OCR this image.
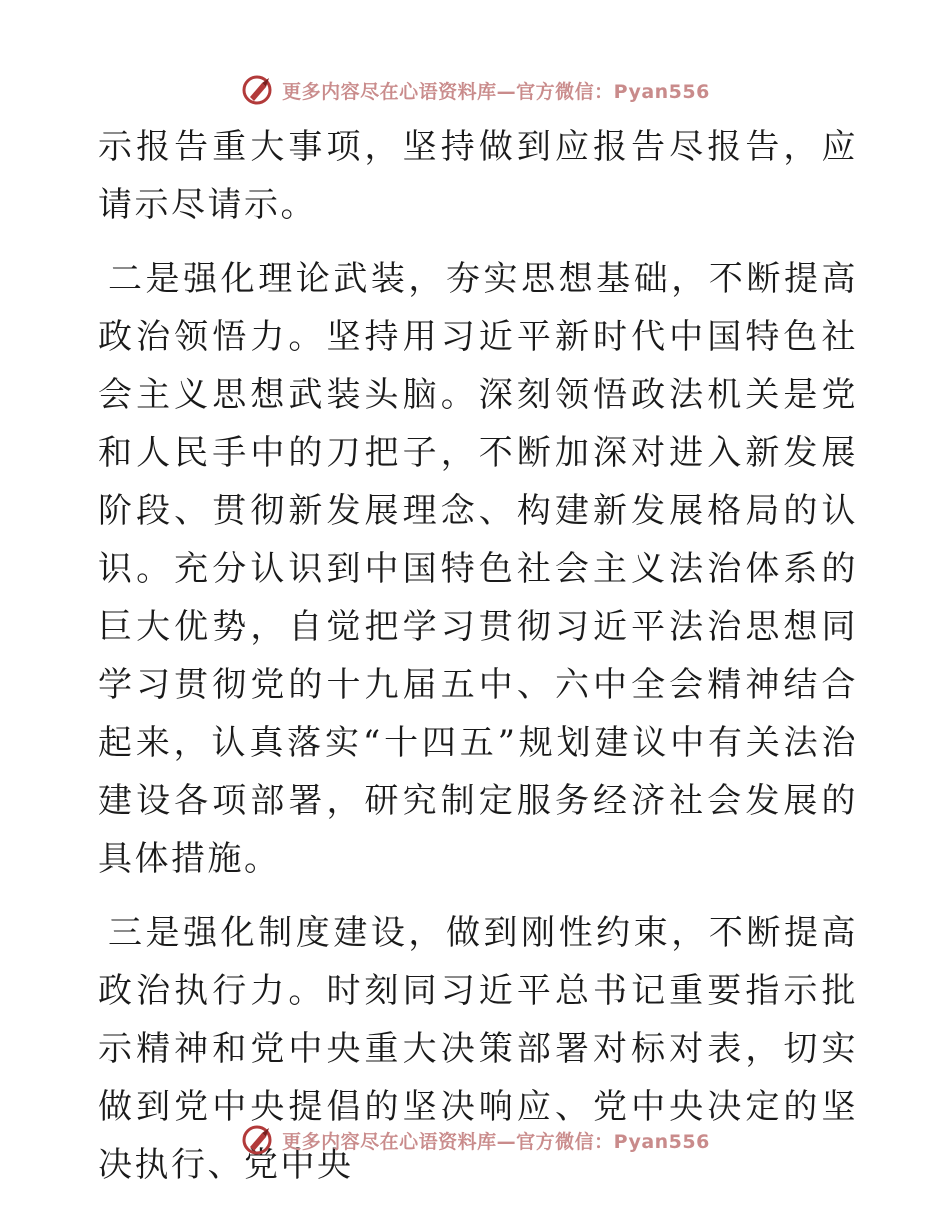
更多内容尽在心语资料库—官方微信：Pyan556

示报告重大事项，坚持做到应报告尽报告，应请示尽请示。

二是强化理论武装，夯实思想基础，不断提高政治领悟力。坚持用习近平新时代中国特色社会主义思想武装头脑。深刻领悟政法机关是党和人民手中的刀把子，不断加深对进入新发展阶段、贯彻新发展理念、构建新发展格局的认识。充分认识到中国特色社会主义法治体系的巨大优势，自觉把学习贯彻习近平法治思想同学习贯彻党的十九届五中、六中全会精神结合起来，认真落实“十四五”规划建议中有关法治建设各项部署，研究制定服务经济社会发展的具体措施。

三是强化制度建设，做到刚性约束，不断提高政治执行力。时刻同习近平总书记重要指示批示精神和党中央重大决策部署对标对表，切实做到党中央提倡的坚决响应、党中央决定的坚决执行、党中央

更多内容尽在心语资料库—官方微信：Pyan556
